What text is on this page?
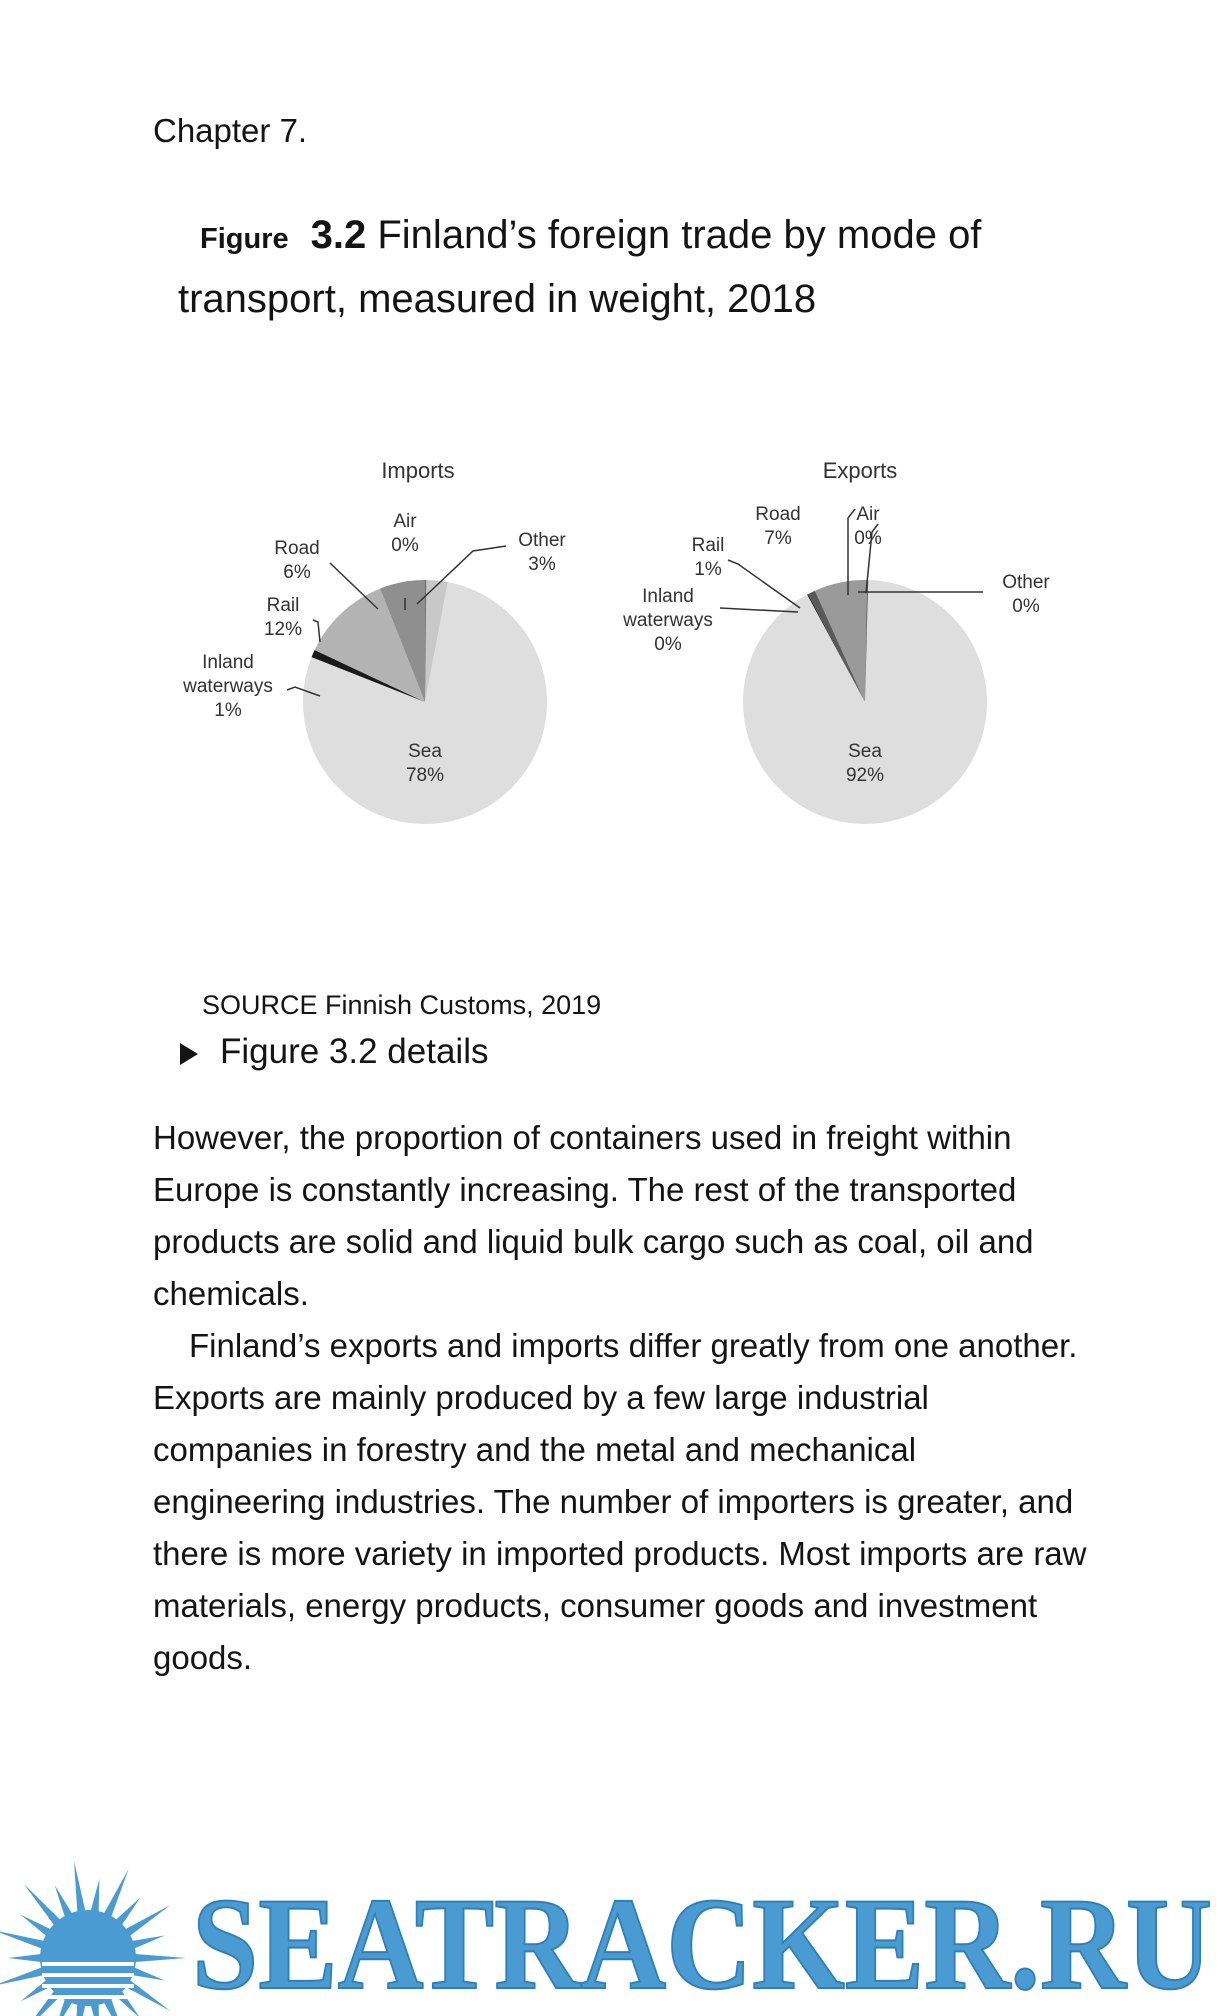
Chapter 7.
Figure 3.2 Finland’s foreign trade by mode of transport, measured in weight, 2018
Imports	Exports
Road
6%
Air
0%	Other
3%
Rail
12%
Inland
waterways
1%
Sea
78%
Road
7%
Air
0%
Rail
1%
Inland
waterways
0%
Other
0%
Sea
92%
SOURCE Finnish Customs, 2019
Figure 3.2 details

However, the proportion of containers used in freight within Europe is constantly increasing. The rest of the transported products are solid and liquid bulk cargo such as coal, oil and chemicals.

Finland’s exports and imports differ greatly from one another. Exports are mainly produced by a few large industrial companies in forestry and the metal and mechanical engineering industries. The number of importers is greater, and there is more variety in imported products. Most imports are raw materials, energy products, consumer goods and investment goods.

SEATRACKER.RU
